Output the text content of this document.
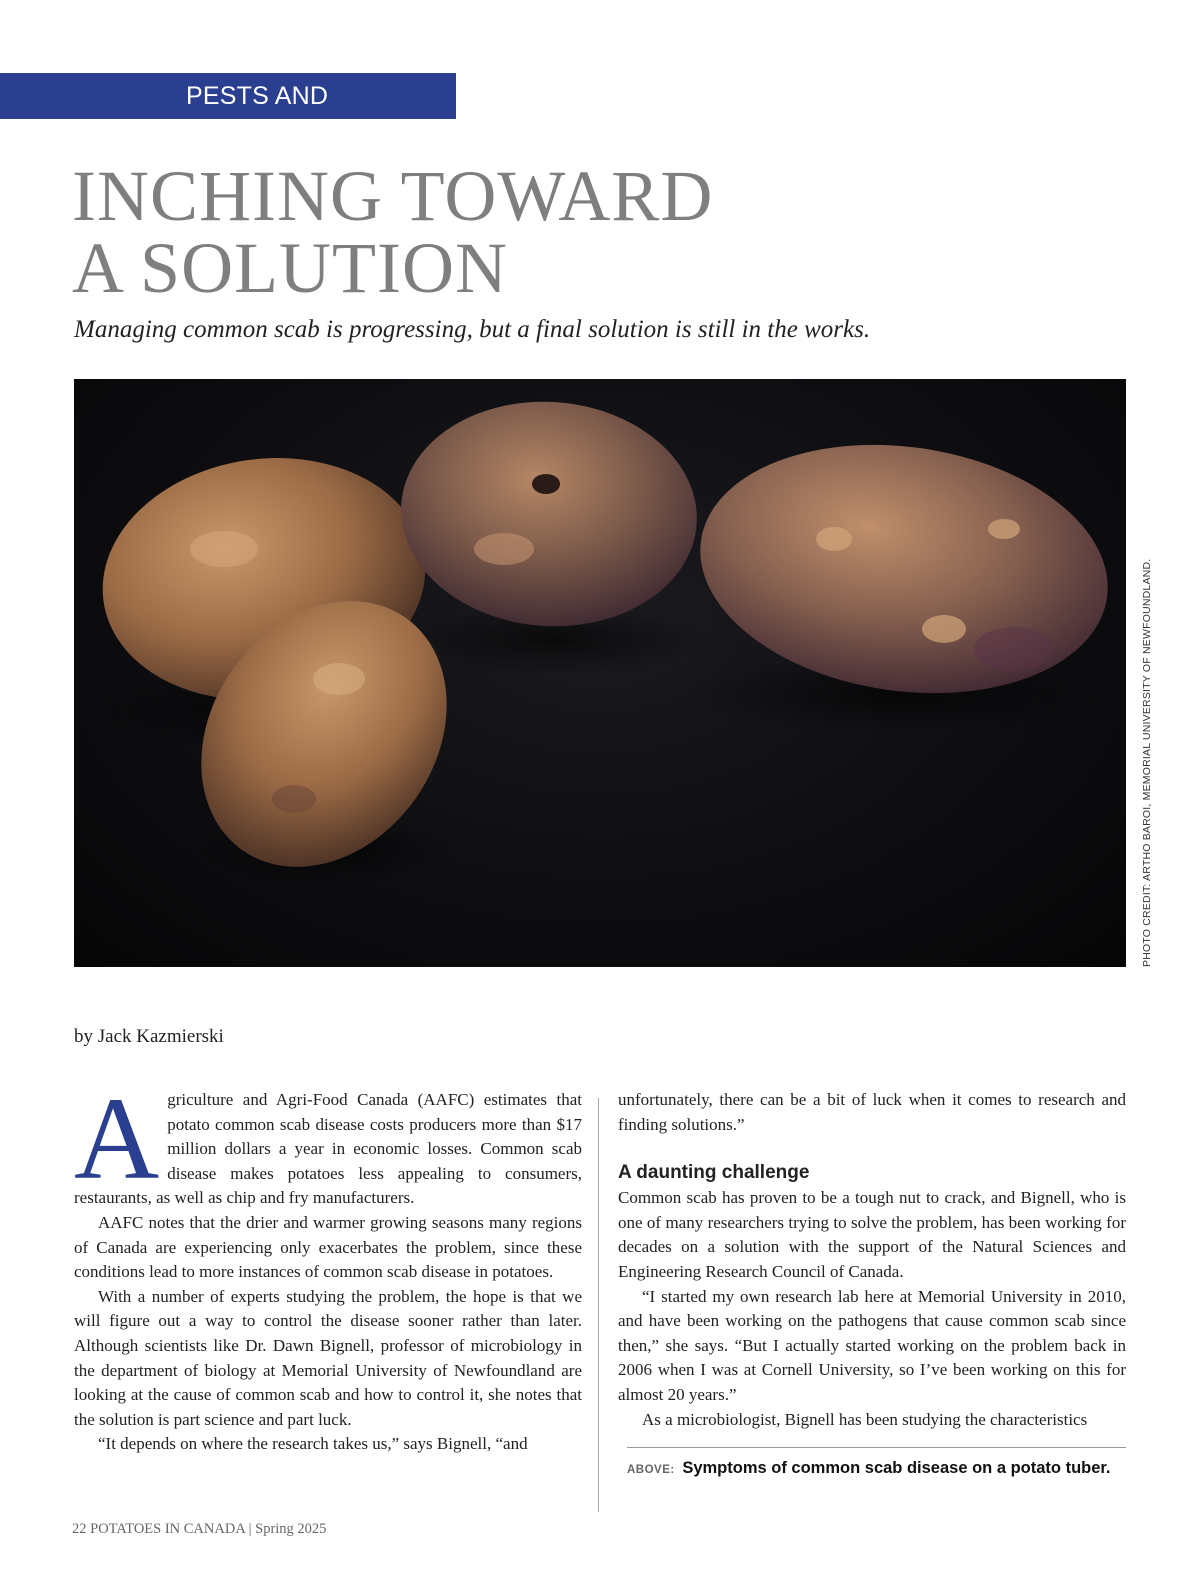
PESTS AND DISEASES
INCHING TOWARD
A SOLUTION

Managing common scab is progressing, but a final solution is still in the works.

PHOTO CREDIT: ARTHO BAROI, MEMORIAL UNIVERSITY OF NEWFOUNDLAND.
by Jack Kazmierski

Agriculture and Agri-Food Canada (AAFC) estimates that potato common scab disease costs producers more than $17 million dollars a year in economic losses. Common scab disease makes potatoes less appealing to consumers, restaurants, as well as chip and fry manufacturers.

AAFC notes that the drier and warmer growing seasons many regions of Canada are experiencing only exacerbates the problem, since these conditions lead to more instances of common scab disease in potatoes.

With a number of experts studying the problem, the hope is that we will figure out a way to control the disease sooner rather than later. Although scientists like Dr. Dawn Bignell, professor of microbiology in the department of biology at Memorial University of Newfoundland are looking at the cause of common scab and how to control it, she notes that the solution is part science and part luck.

“It depends on where the research takes us,” says Bignell, “and

unfortunately, there can be a bit of luck when it comes to research and finding solutions.”

A daunting challenge

Common scab has proven to be a tough nut to crack, and Bignell, who is one of many researchers trying to solve the problem, has been working for decades on a solution with the support of the Natural Sciences and Engineering Research Council of Canada.

“I started my own research lab here at Memorial University in 2010, and have been working on the pathogens that cause common scab since then,” she says. “But I actually started working on the problem back in 2006 when I was at Cornell University, so I’ve been working on this for almost 20 years.”

As a microbiologist, Bignell has been studying the characteristics

ABOVE: Symptoms of common scab disease on a potato tuber.
22 POTATOES IN CANADA | Spring 2025
